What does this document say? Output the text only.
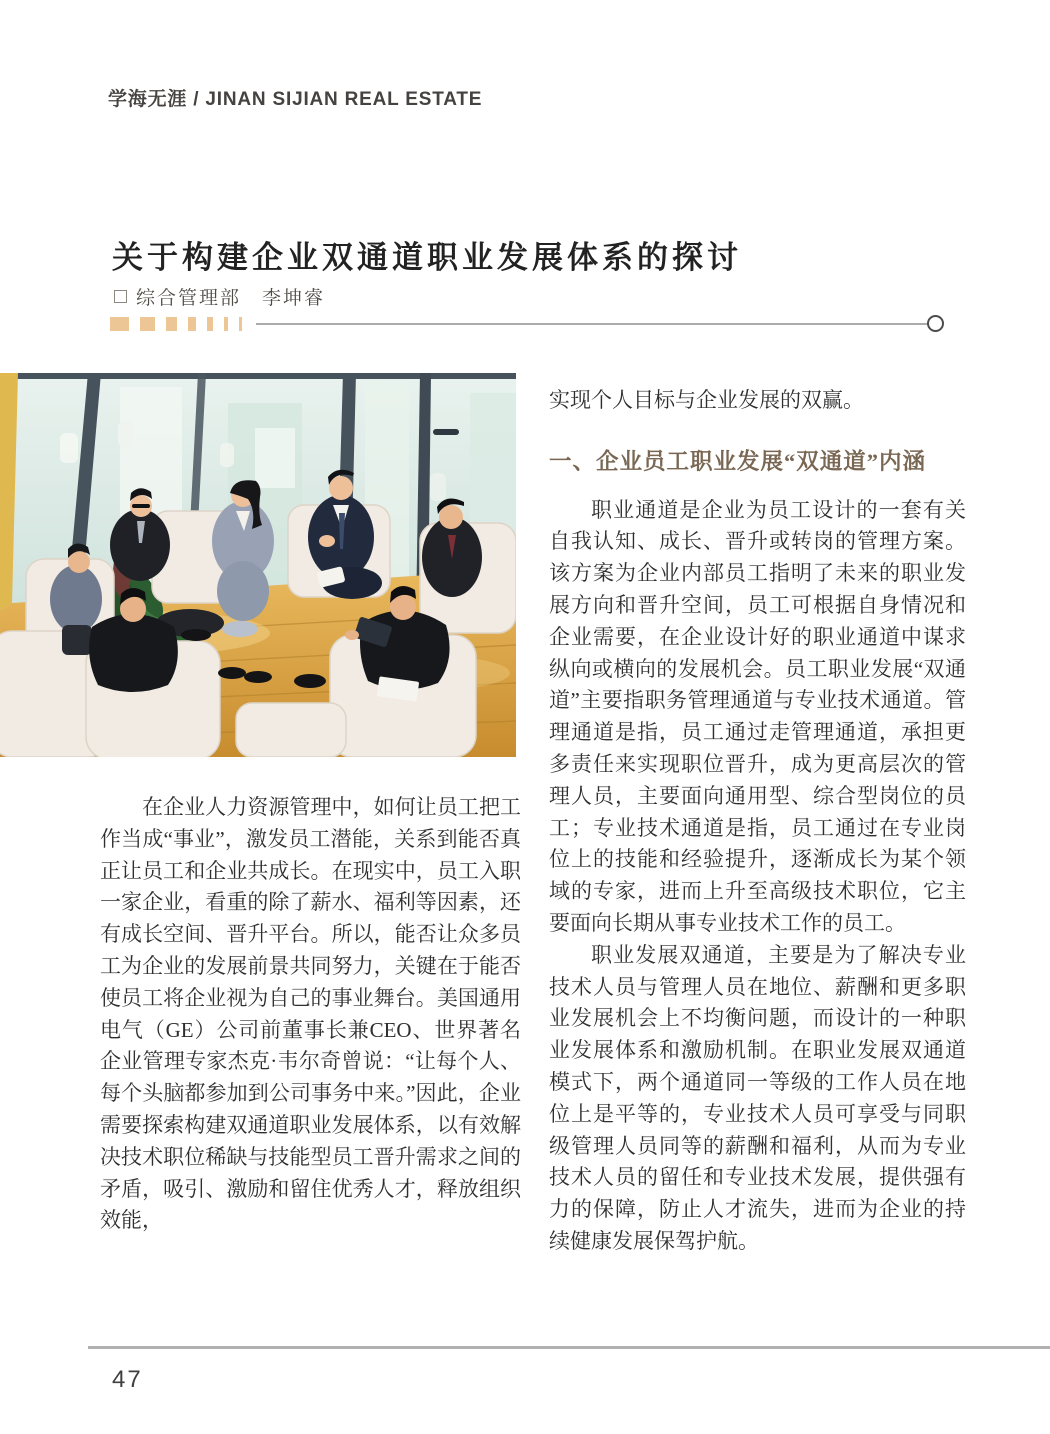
学海无涯 / JINAN SIJIAN REAL ESTATE
关于构建企业双通道职业发展体系的探讨
综合管理部　李坤睿

在企业人力资源管理中，如何让员工把工作当成“事业”，激发员工潜能，关系到能否真正让员工和企业共成长。在现实中，员工入职一家企业，看重的除了薪水、福利等因素，还有成长空间、晋升平台。所以，能否让众多员工为企业的发展前景共同努力，关键在于能否使员工将企业视为自己的事业舞台。美国通用电气（GE）公司前董事长兼CEO、世界著名企业管理专家杰克·韦尔奇曾说：“让每个人、每个头脑都参加到公司事务中来。”因此，企业需要探索构建双通道职业发展体系，以有效解决技术职位稀缺与技能型员工晋升需求之间的矛盾，吸引、激励和留住优秀人才，释放组织效能，

实现个人目标与企业发展的双赢。

一、企业员工职业发展“双通道”内涵

职业通道是企业为员工设计的一套有关自我认知、成长、晋升或转岗的管理方案。该方案为企业内部员工指明了未来的职业发展方向和晋升空间，员工可根据自身情况和企业需要，在企业设计好的职业通道中谋求纵向或横向的发展机会。员工职业发展“双通道”主要指职务管理通道与专业技术通道。管理通道是指，员工通过走管理通道，承担更多责任来实现职位晋升，成为更高层次的管理人员，主要面向通用型、综合型岗位的员工；专业技术通道是指，员工通过在专业岗位上的技能和经验提升，逐渐成长为某个领域的专家，进而上升至高级技术职位，它主要面向长期从事专业技术工作的员工。

职业发展双通道，主要是为了解决专业技术人员与管理人员在地位、薪酬和更多职业发展机会上不均衡问题，而设计的一种职业发展体系和激励机制。在职业发展双通道模式下，两个通道同一等级的工作人员在地位上是平等的，专业技术人员可享受与同职级管理人员同等的薪酬和福利，从而为专业技术人员的留任和专业技术发展，提供强有力的保障，防止人才流失，进而为企业的持续健康发展保驾护航。

47
